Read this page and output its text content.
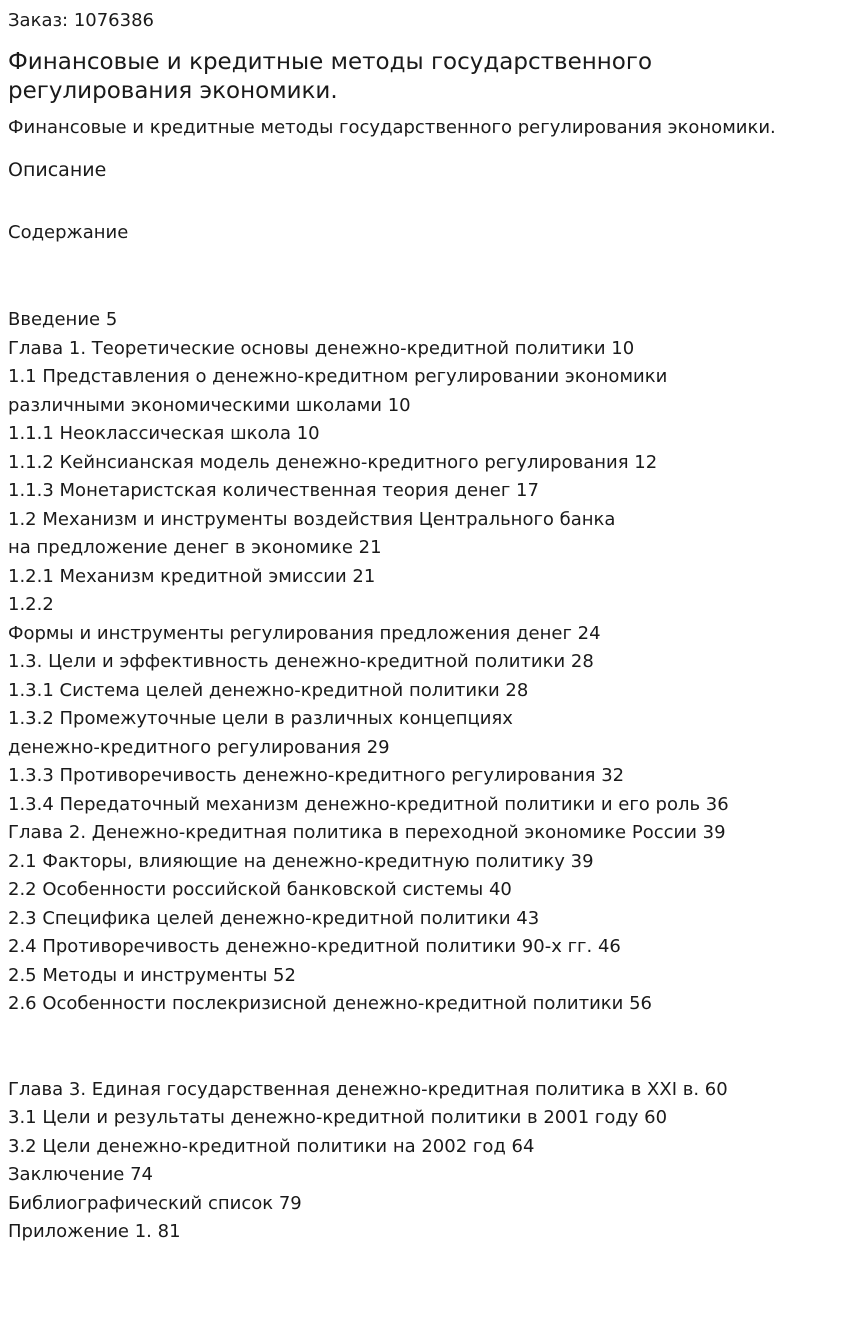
Заказ: 1076386

Финансовые и кредитные методы государственного регулирования экономики.

Финансовые и кредитные методы государственного регулирования экономики.

Описание

Содержание

Введение 5
Глава 1. Теоретические основы денежно-кредитной политики 10
1.1 Представления о денежно-кредитном регулировании экономики
различными экономическими школами 10
1.1.1 Неоклассическая школа 10
1.1.2 Кейнсианская модель денежно-кредитного регулирования 12
1.1.3 Монетаристская количественная теория денег 17
1.2 Механизм и инструменты воздействия Центрального банка
на предложение денег в экономике 21
1.2.1 Механизм кредитной эмиссии 21
1.2.2
Формы и инструменты регулирования предложения денег 24
1.3. Цели и эффективность денежно-кредитной политики 28
1.3.1 Система целей денежно-кредитной политики 28
1.3.2 Промежуточные цели в различных концепциях
денежно-кредитного регулирования 29
1.3.3 Противоречивость денежно-кредитного регулирования 32
1.3.4 Передаточный механизм денежно-кредитной политики и его роль 36
Глава 2. Денежно-кредитная политика в переходной экономике России 39
2.1 Факторы, влияющие на денежно-кредитную политику 39
2.2 Особенности российской банковской системы 40
2.3 Специфика целей денежно-кредитной политики 43
2.4 Противоречивость денежно-кредитной политики 90-х гг. 46
2.5 Методы и инструменты 52
2.6 Особенности послекризисной денежно-кредитной политики 56
Глава 3. Единая государственная денежно-кредитная политика в XXI в. 60
3.1 Цели и результаты денежно-кредитной политики в 2001 году 60
3.2 Цели денежно-кредитной политики на 2002 год 64
Заключение 74
Библиографический список 79
Приложение 1. 81
